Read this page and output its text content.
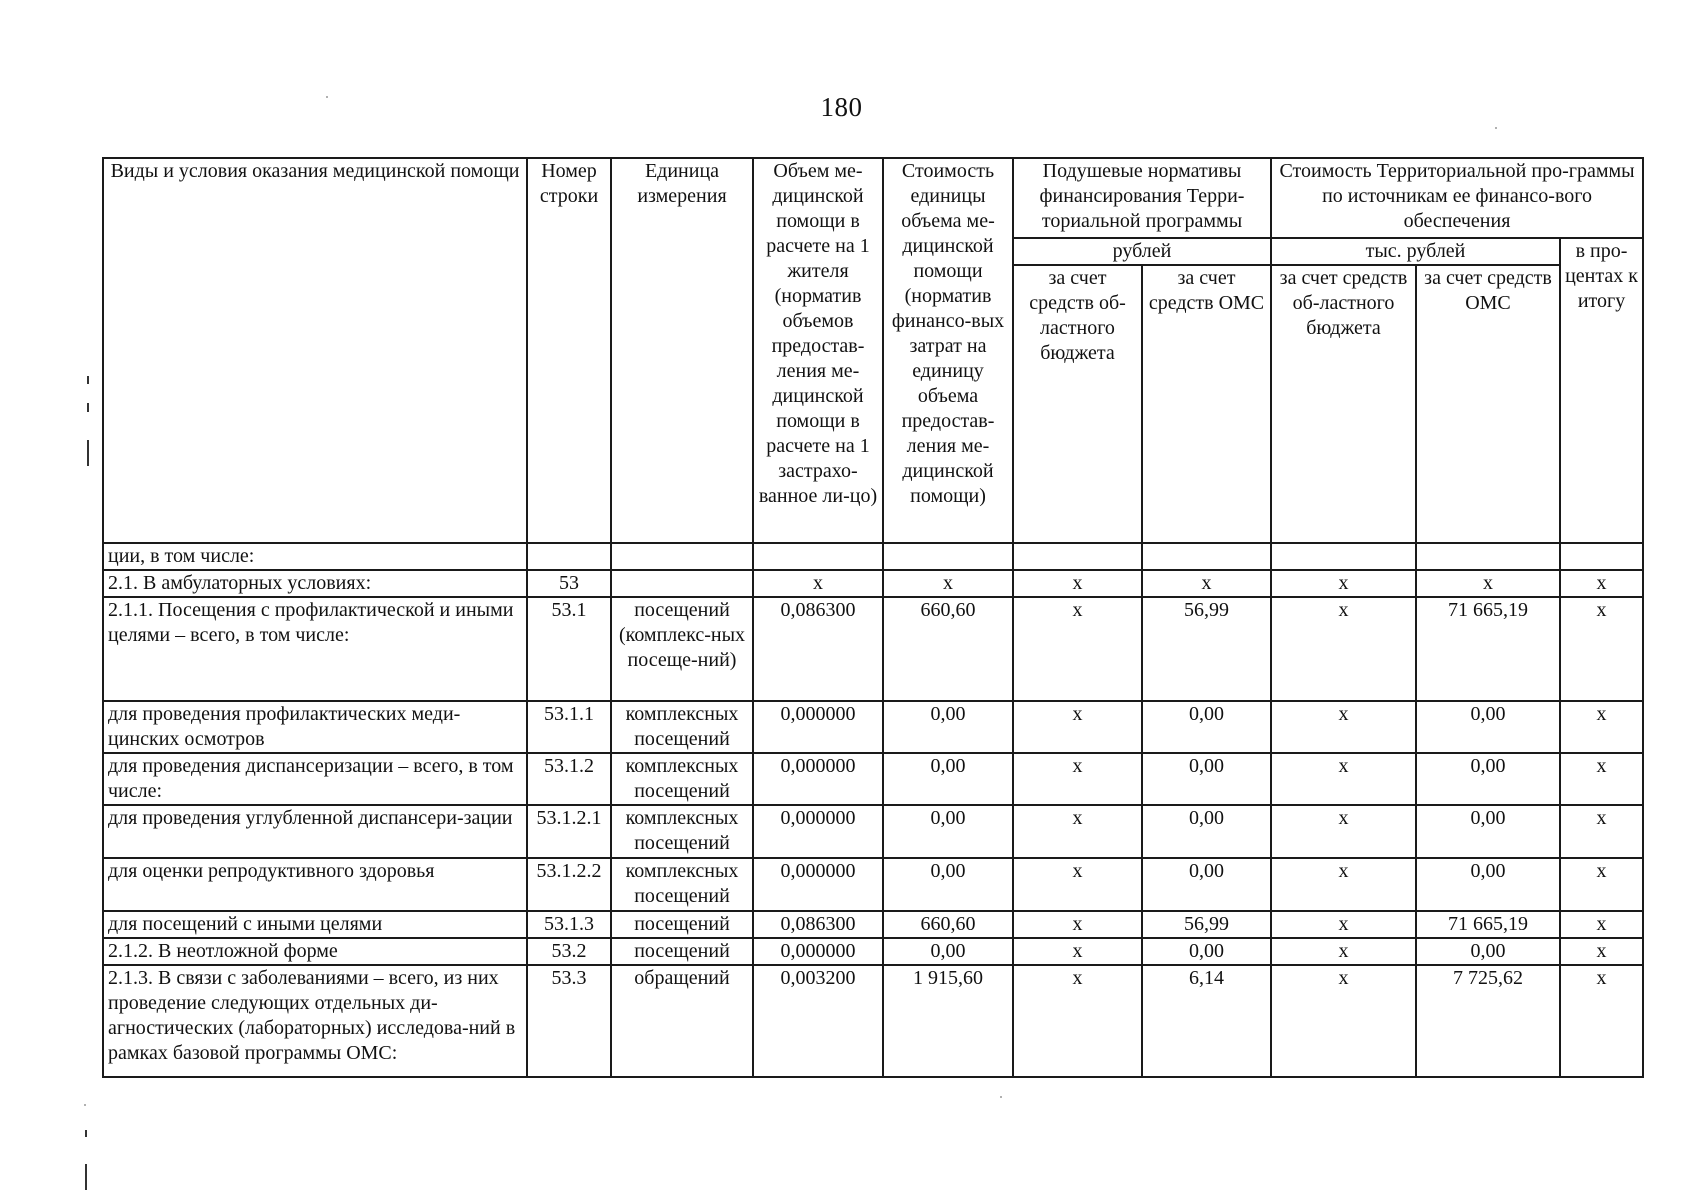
180
Виды и условия оказания медицинской помощи	Номер строки	Единица измерения	Объем ме-дицинской помощи в расчете на 1 жителя (норматив объемов предостав-ления ме-дицинской помощи в расчете на 1 застрахо-ванное ли-цо)	Стоимость единицы объема ме-дицинской помощи (норматив финансо-вых затрат на единицу объема предостав-ления ме-дицинской помощи)	Подушевые нормативы финансирования Терри-ториальной программы		Стоимость Территориальной про-граммы по источникам ее финансо-вого обеспечения		
					рублей		тыс. рублей		в про-центах к итогу
					за счет средств об-ластного бюджета	за счет средств ОМС	за счет средств об-ластного бюджета	за счет средств ОМС	
ции, в том числе:									
2.1. В амбулаторных условиях:	53		х	х	х	х	х	х	х
2.1.1. Посещения с профилактической и иными целями – всего, в том числе:	53.1	посещений (комплекс-ных посеще-ний)	0,086300	660,60	х	56,99	х	71 665,19	х
для проведения профилактических меди-цинских осмотров	53.1.1	комплексных посещений	0,000000	0,00	х	0,00	х	0,00	х
для проведения диспансеризации – всего, в том числе:	53.1.2	комплексных посещений	0,000000	0,00	х	0,00	х	0,00	х
для проведения углубленной диспансери-зации	53.1.2.1	комплексных посещений	0,000000	0,00	х	0,00	х	0,00	х
для оценки репродуктивного здоровья	53.1.2.2	комплексных посещений	0,000000	0,00	х	0,00	х	0,00	х
для посещений с иными целями	53.1.3	посещений	0,086300	660,60	х	56,99	х	71 665,19	х
2.1.2. В неотложной форме	53.2	посещений	0,000000	0,00	х	0,00	х	0,00	х
2.1.3. В связи с заболеваниями – всего, из них проведение следующих отдельных ди-агностических (лабораторных) исследова-ний в рамках базовой программы ОМС:	53.3	обращений	0,003200	1 915,60	х	6,14	х	7 725,62	х
